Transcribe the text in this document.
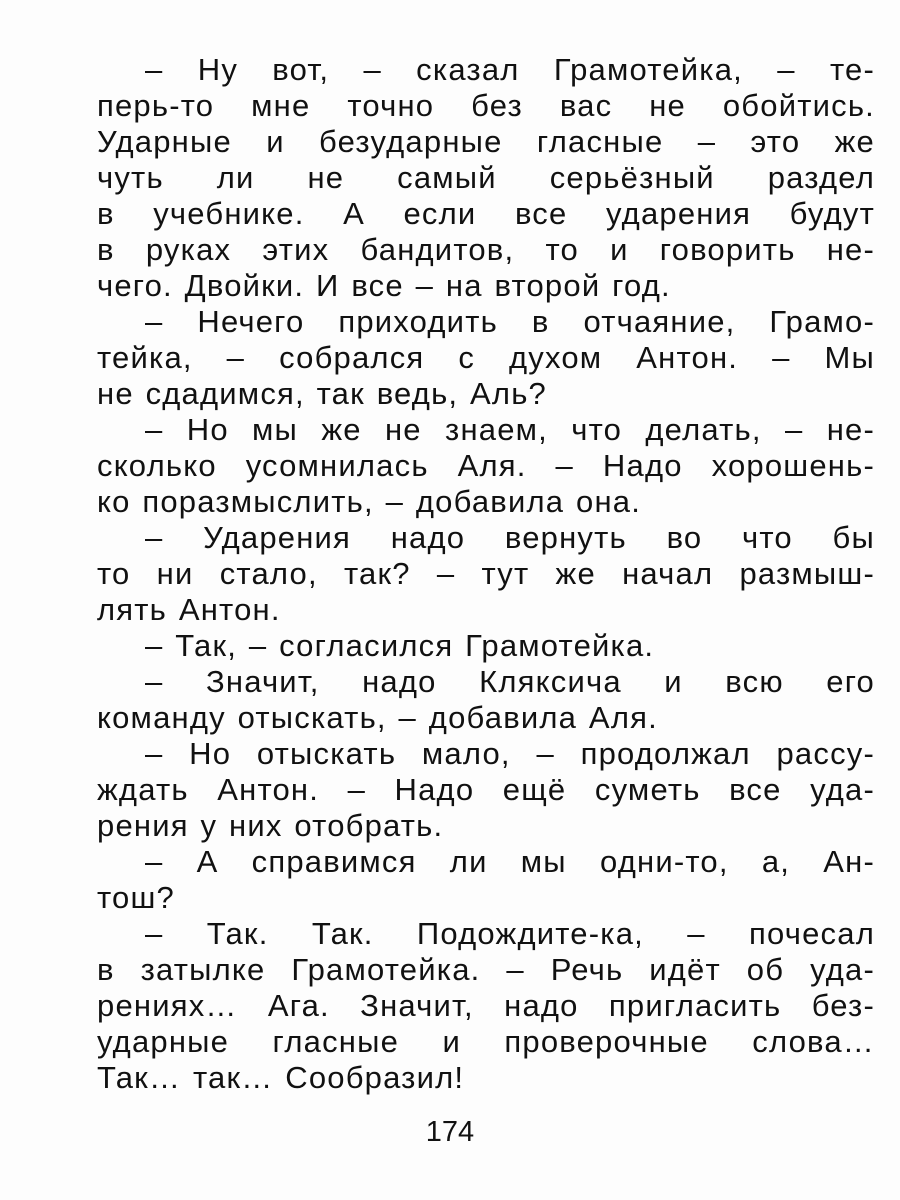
– Ну вот, – сказал Грамотейка, – те-
перь-то мне точно без вас не обойтись.
Ударные и безударные гласные – это же
чуть ли не самый серьёзный раздел
в учебнике. А если все ударения будут
в руках этих бандитов, то и говорить не-
чего. Двойки. И все – на второй год.
– Нечего приходить в отчаяние, Грамо-
тейка, – собрался с духом Антон. – Мы
не сдадимся, так ведь, Аль?
– Но мы же не знаем, что делать, – не-
сколько усомнилась Аля. – Надо хорошень-
ко поразмыслить, – добавила она.
– Ударения надо вернуть во что бы
то ни стало, так? – тут же начал размыш-
лять Антон.
– Так, – согласился Грамотейка.
– Значит, надо Кляксича и всю его
команду отыскать, – добавила Аля.
– Но отыскать мало, – продолжал рассу-
ждать Антон. – Надо ещё суметь все уда-
рения у них отобрать.
– А справимся ли мы одни-то, а, Ан-
тош?
– Так. Так. Подождите-ка, – почесал
в затылке Грамотейка. – Речь идёт об уда-
рениях… Ага. Значит, надо пригласить без-
ударные гласные и проверочные слова…
Так… так… Сообразил!
174
